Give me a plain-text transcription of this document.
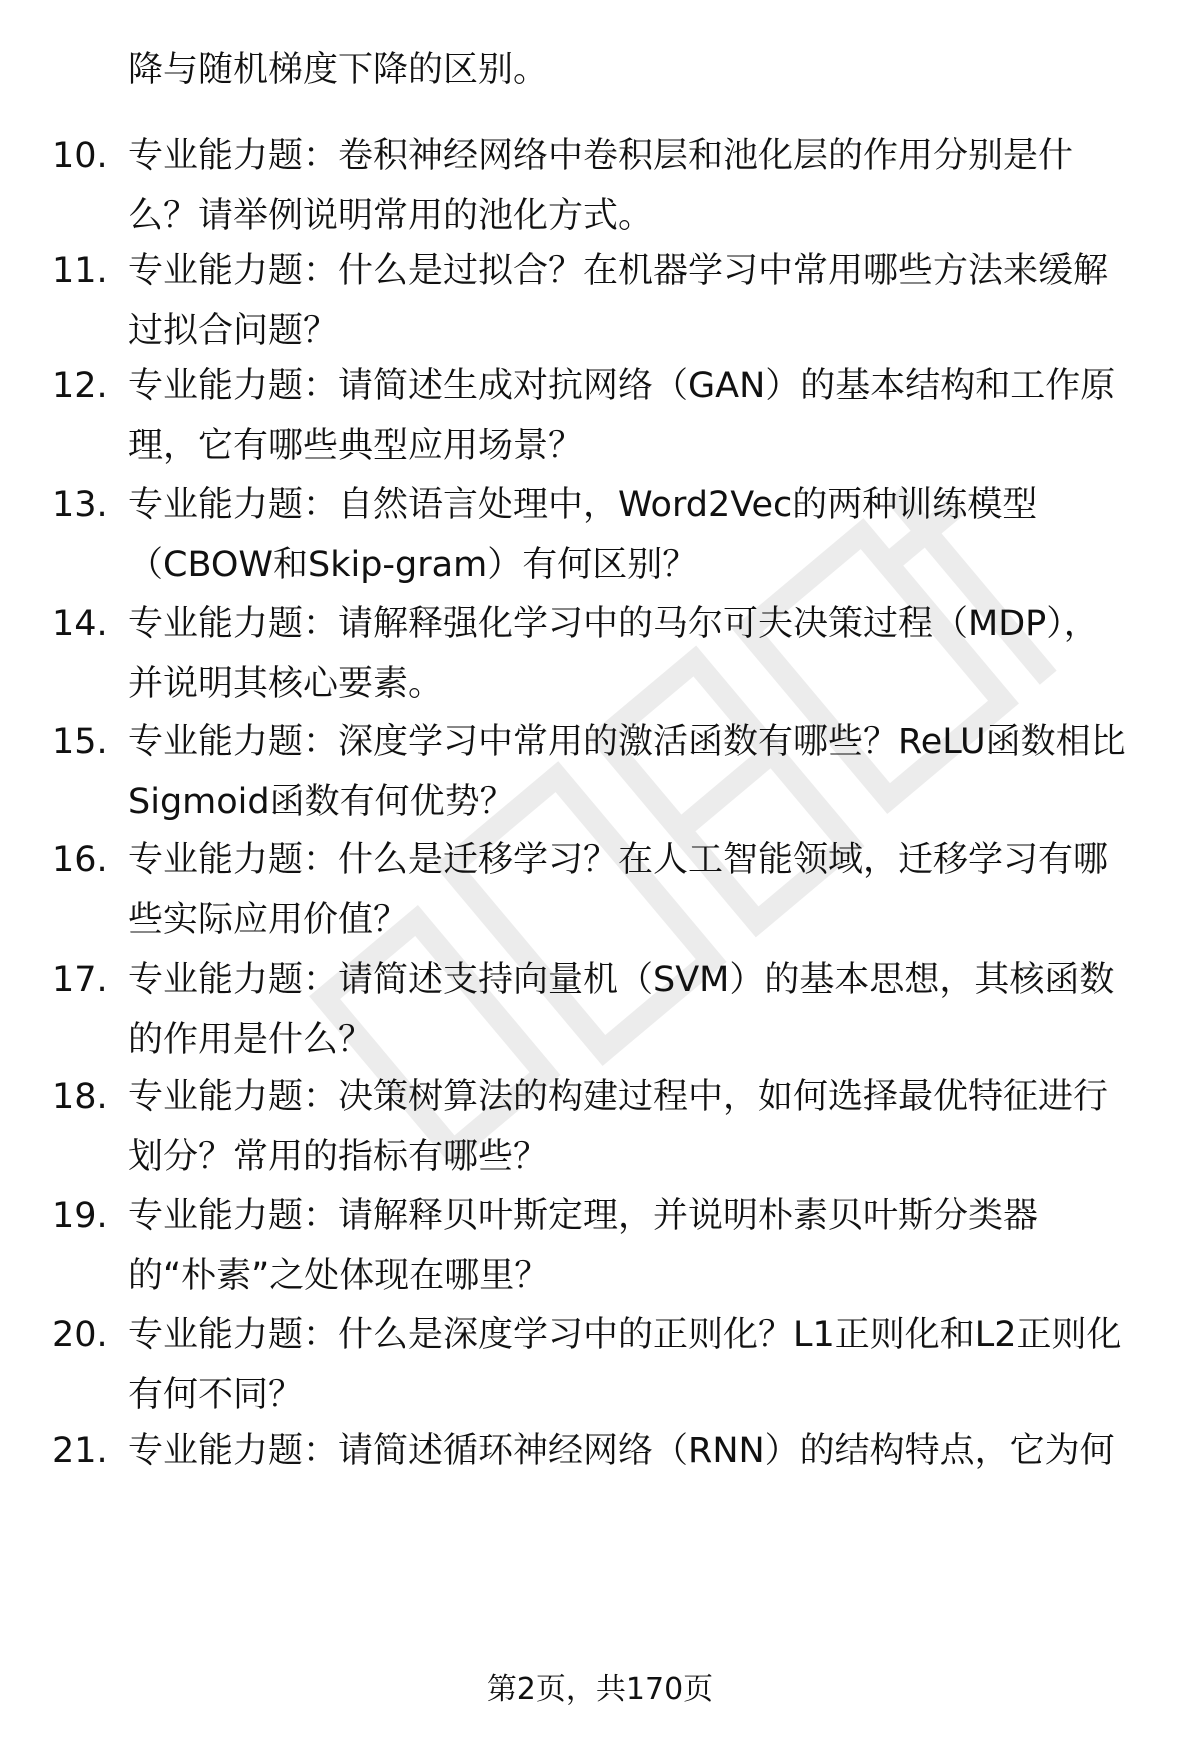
降与随机梯度下降的区别。
10. 专业能力题：卷积神经网络中卷积层和池化层的作用分别是什
么？请举例说明常用的池化方式。
11. 专业能力题：什么是过拟合？在机器学习中常用哪些方法来缓解
过拟合问题？
12. 专业能力题：请简述生成对抗网络（GAN）的基本结构和工作原
理，它有哪些典型应用场景？
13. 专业能力题：自然语言处理中，Word2Vec的两种训练模型
（CBOW和Skip-gram）有何区别？
14. 专业能力题：请解释强化学习中的马尔可夫决策过程（MDP），
并说明其核心要素。
15. 专业能力题：深度学习中常用的激活函数有哪些？ReLU函数相比
Sigmoid函数有何优势？
16. 专业能力题：什么是迁移学习？在人工智能领域，迁移学习有哪
些实际应用价值？
17. 专业能力题：请简述支持向量机（SVM）的基本思想，其核函数
的作用是什么？
18. 专业能力题：决策树算法的构建过程中，如何选择最优特征进行
划分？常用的指标有哪些？
19. 专业能力题：请解释贝叶斯定理，并说明朴素贝叶斯分类器
的“朴素”之处体现在哪里？
20. 专业能力题：什么是深度学习中的正则化？L1正则化和L2正则化
有何不同？
21. 专业能力题：请简述循环神经网络（RNN）的结构特点，它为何
第2页，共170页
